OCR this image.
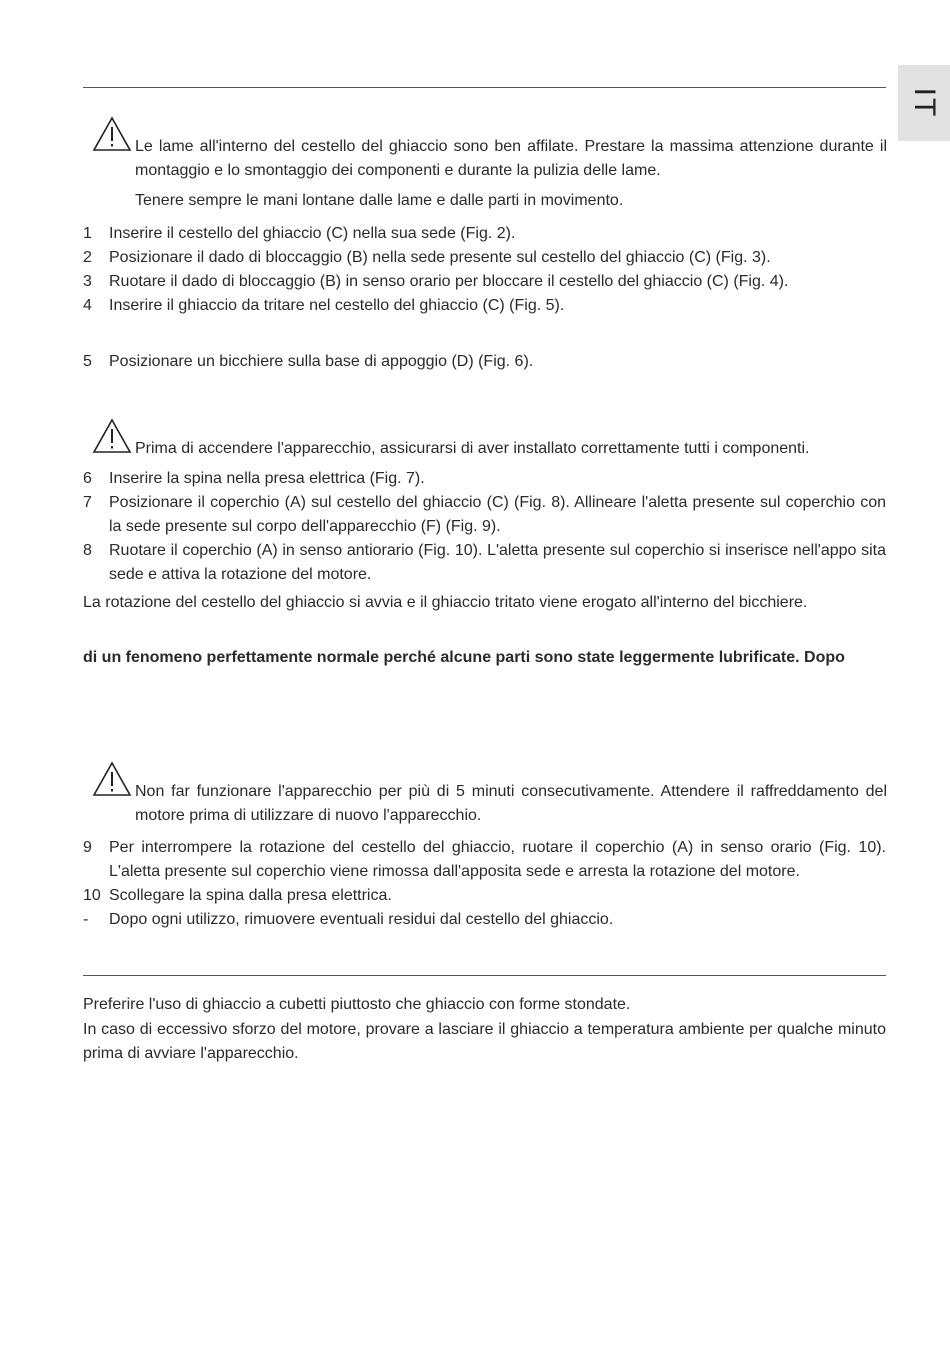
IT

Le lame all'interno del cestello del ghiaccio sono ben affilate. Prestare la massima attenzione durante il montaggio e lo smontaggio dei componenti e durante la pulizia delle lame.

Tenere sempre le mani lontane dalle lame e dalle parti in movimento.

1 Inserire il cestello del ghiaccio (C) nella sua sede (Fig. 2).
2 Posizionare il dado di bloccaggio (B) nella sede presente sul cestello del ghiaccio (C) (Fig. 3).
3 Ruotare il dado di bloccaggio (B) in senso orario per bloccare il cestello del ghiaccio (C) (Fig. 4).
4 Inserire il ghiaccio da tritare nel cestello del ghiaccio (C) (Fig. 5).
5 Posizionare un bicchiere sulla base di appoggio (D) (Fig. 6).

Prima di accendere l'apparecchio, assicurarsi di aver installato correttamente tutti i componenti.

6 Inserire la spina nella presa elettrica (Fig. 7).
7 Posizionare il coperchio (A) sul cestello del ghiaccio (C) (Fig. 8). Allineare l'aletta presente sul coperchio con la sede presente sul corpo dell'apparecchio (F) (Fig. 9).
8 Ruotare il coperchio (A) in senso antiorario (Fig. 10). L'aletta presente sul coperchio si inserisce nell'appo sita sede e attiva la rotazione del motore.

La rotazione del cestello del ghiaccio si avvia e il ghiaccio tritato viene erogato all'interno del bicchiere.

di un fenomeno perfettamente normale perché alcune parti sono state leggermente lubrificate. Dopo

Non far funzionare l'apparecchio per più di 5 minuti consecutivamente. Attendere il raffreddamento del motore prima di utilizzare di nuovo l'apparecchio.

9 Per interrompere la rotazione del cestello del ghiaccio, ruotare il coperchio (A) in senso orario (Fig. 10). L'aletta presente sul coperchio viene rimossa dall'apposita sede e arresta la rotazione del motore.
10 Scollegare la spina dalla presa elettrica.
- Dopo ogni utilizzo, rimuovere eventuali residui dal cestello del ghiaccio.

Preferire l'uso di ghiaccio a cubetti piuttosto che ghiaccio con forme stondate.

In caso di eccessivo sforzo del motore, provare a lasciare il ghiaccio a temperatura ambiente per qualche minuto prima di avviare l'apparecchio.
